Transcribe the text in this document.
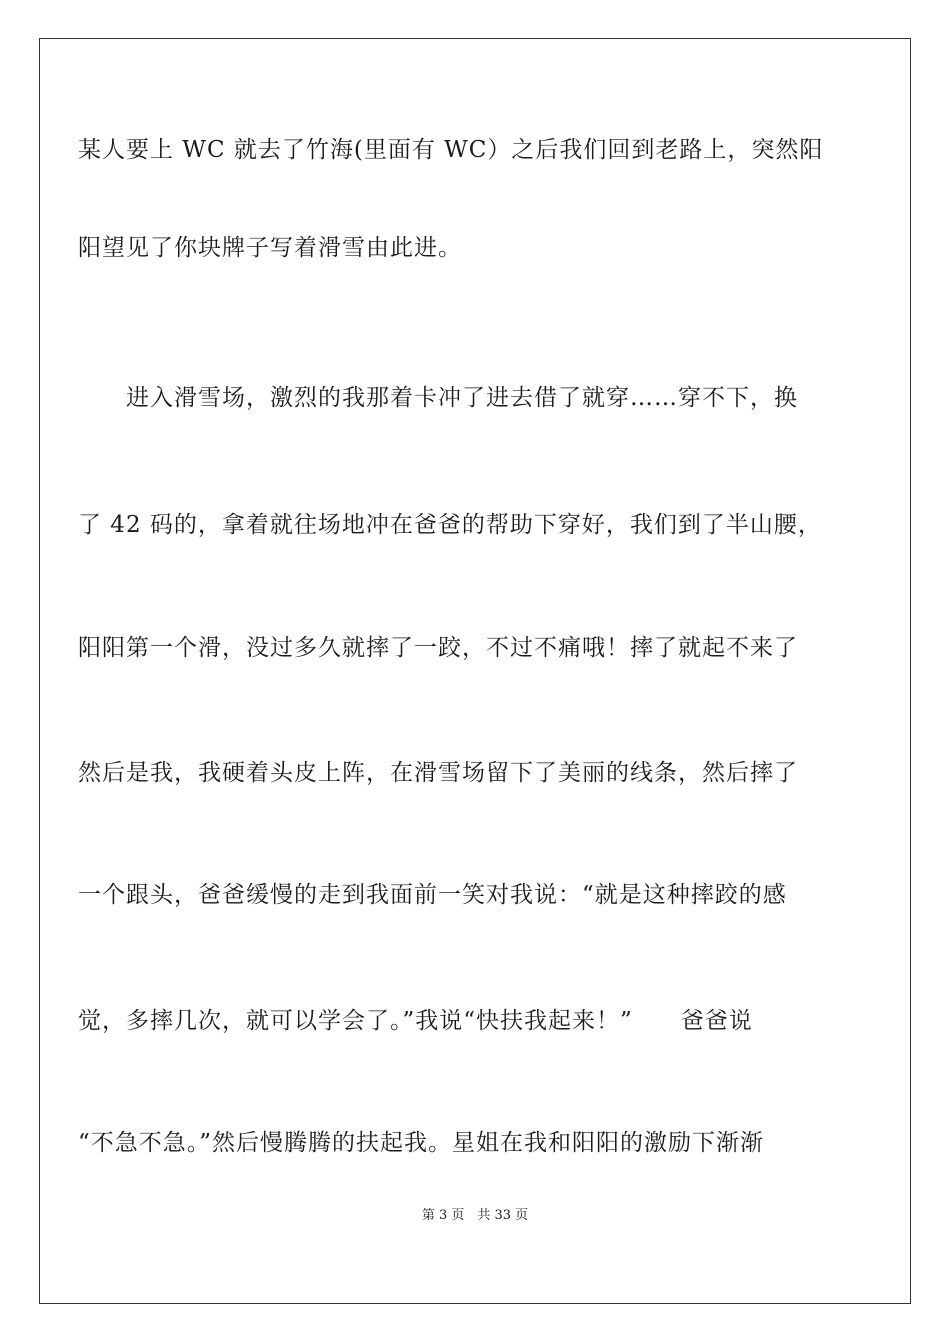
某人要上 WC 就去了竹海(里面有 WC）之后我们回到老路上，突然阳
阳望见了你块牌子写着滑雪由此进。
　　进入滑雪场，激烈的我那着卡冲了进去借了就穿……穿不下，换
了 42 码的，拿着就往场地冲在爸爸的帮助下穿好，我们到了半山腰，
阳阳第一个滑，没过多久就摔了一跤，不过不痛哦！摔了就起不来了
然后是我，我硬着头皮上阵，在滑雪场留下了美丽的线条，然后摔了
一个跟头，爸爸缓慢的走到我面前一笑对我说：“就是这种摔跤的感
觉，多摔几次，就可以学会了。”我说“快扶我起来！”　　爸爸说
“不急不急。”然后慢腾腾的扶起我。星姐在我和阳阳的激励下渐渐
第 3 页　共 33 页
